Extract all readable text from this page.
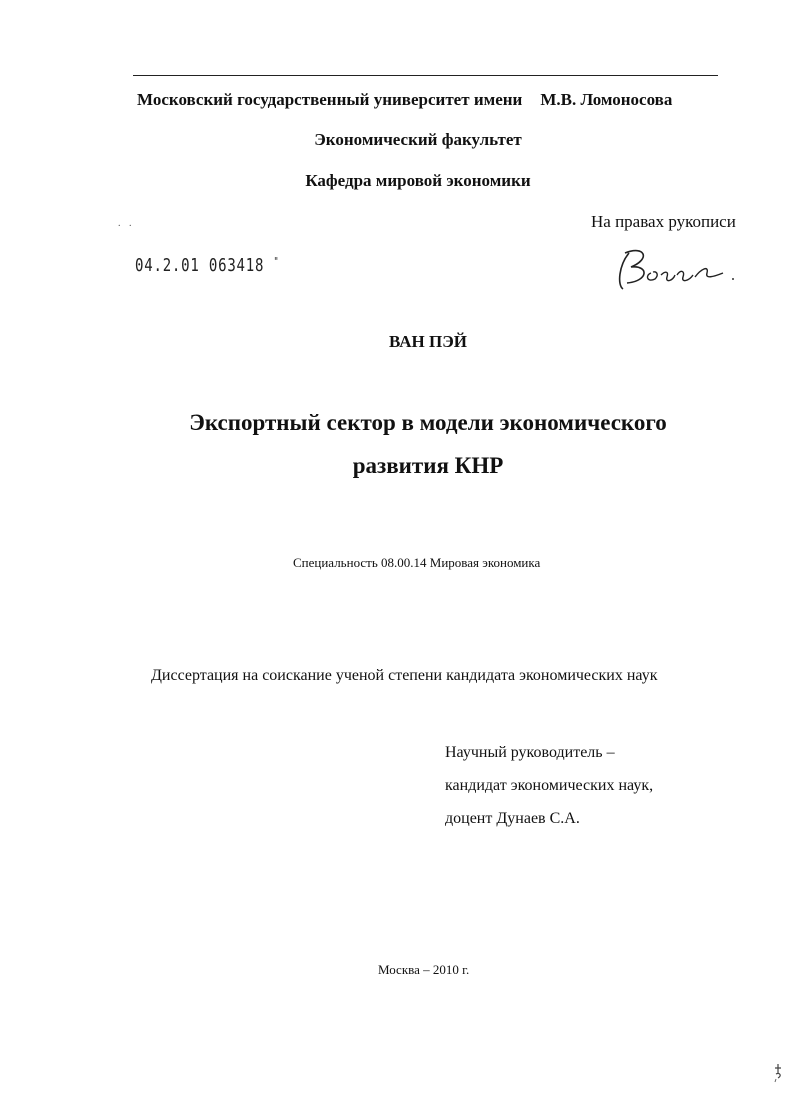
Московский государственный университет имени М.В. Ломоносова
Экономический факультет
Кафедра мировой экономики
. .	На правах рукописи
04.2.01 063418 "
ВАН ПЭЙ
Экспортный сектор в модели экономического
развития КНР
Специальность 08.00.14 Мировая экономика
Диссертация на соискание ученой степени кандидата экономических наук
Научный руководитель –
кандидат экономических наук,
доцент Дунаев С.А.
Москва – 2010 г.
